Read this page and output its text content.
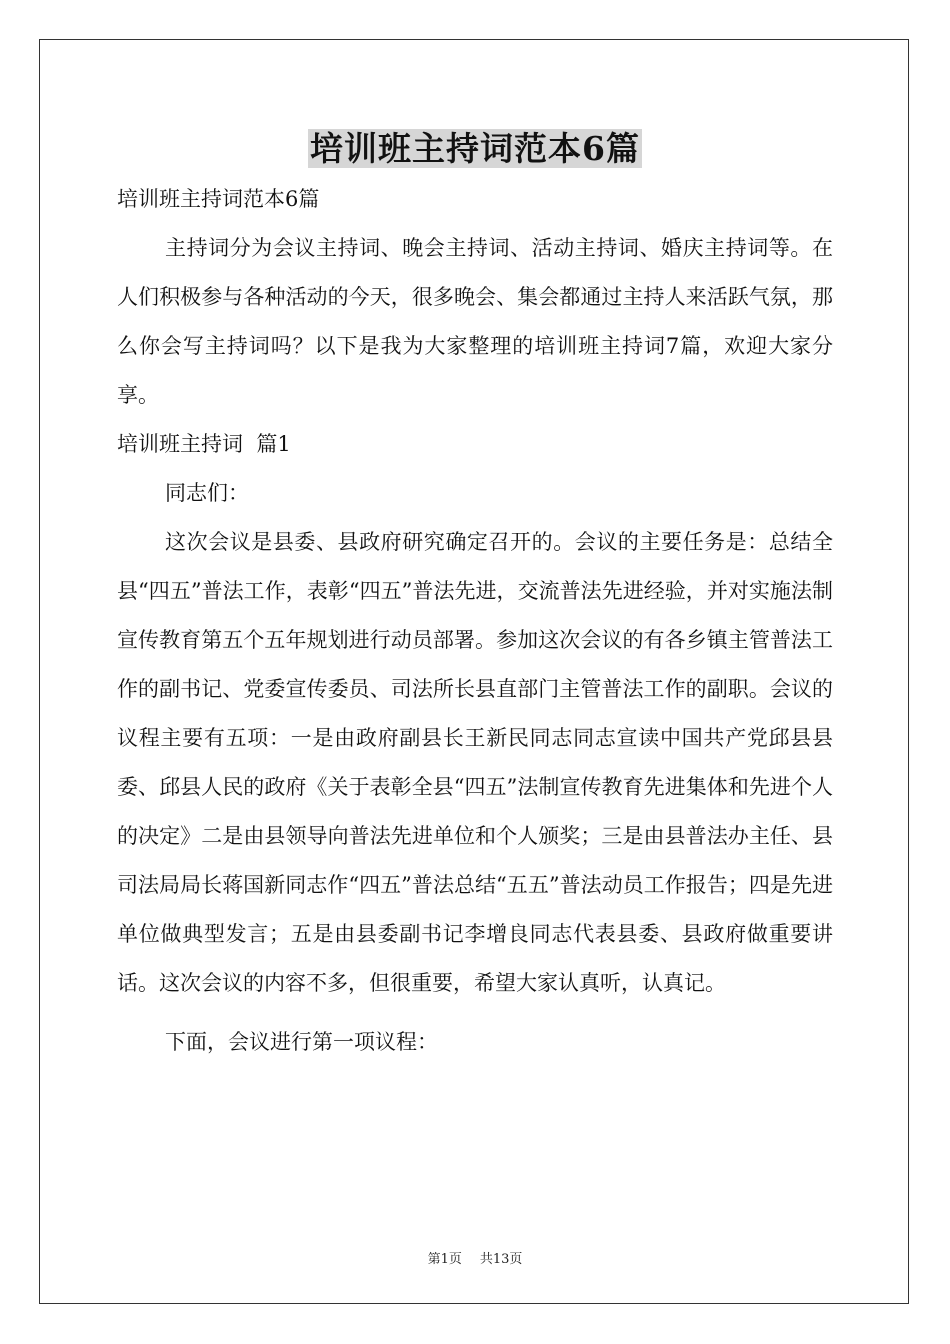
培训班主持词范本6篇
培训班主持词范本6篇
主持词分为会议主持词、晚会主持词、活动主持词、婚庆主持词等。在人们积极参与各种活动的今天，很多晚会、集会都通过主持人来活跃气氛，那么你会写主持词吗？以下是我为大家整理的培训班主持词7篇，欢迎大家分享。
培训班主持词  篇1
同志们：
这次会议是县委、县政府研究确定召开的。会议的主要任务是：总结全县“四五”普法工作，表彰“四五”普法先进，交流普法先进经验，并对实施法制宣传教育第五个五年规划进行动员部署。参加这次会议的有各乡镇主管普法工作的副书记、党委宣传委员、司法所长县直部门主管普法工作的副职。会议的议程主要有五项：一是由政府副县长王新民同志同志宣读中国共产党邱县县委、邱县人民的政府《关于表彰全县“四五”法制宣传教育先进集体和先进个人的决定》二是由县领导向普法先进单位和个人颁奖；三是由县普法办主任、县司法局局长蒋国新同志作“四五”普法总结“五五”普法动员工作报告；四是先进单位做典型发言；五是由县委副书记李增良同志代表县委、县政府做重要讲话。这次会议的内容不多，但很重要，希望大家认真听，认真记。
下面，会议进行第一项议程：
第1页 共13页
